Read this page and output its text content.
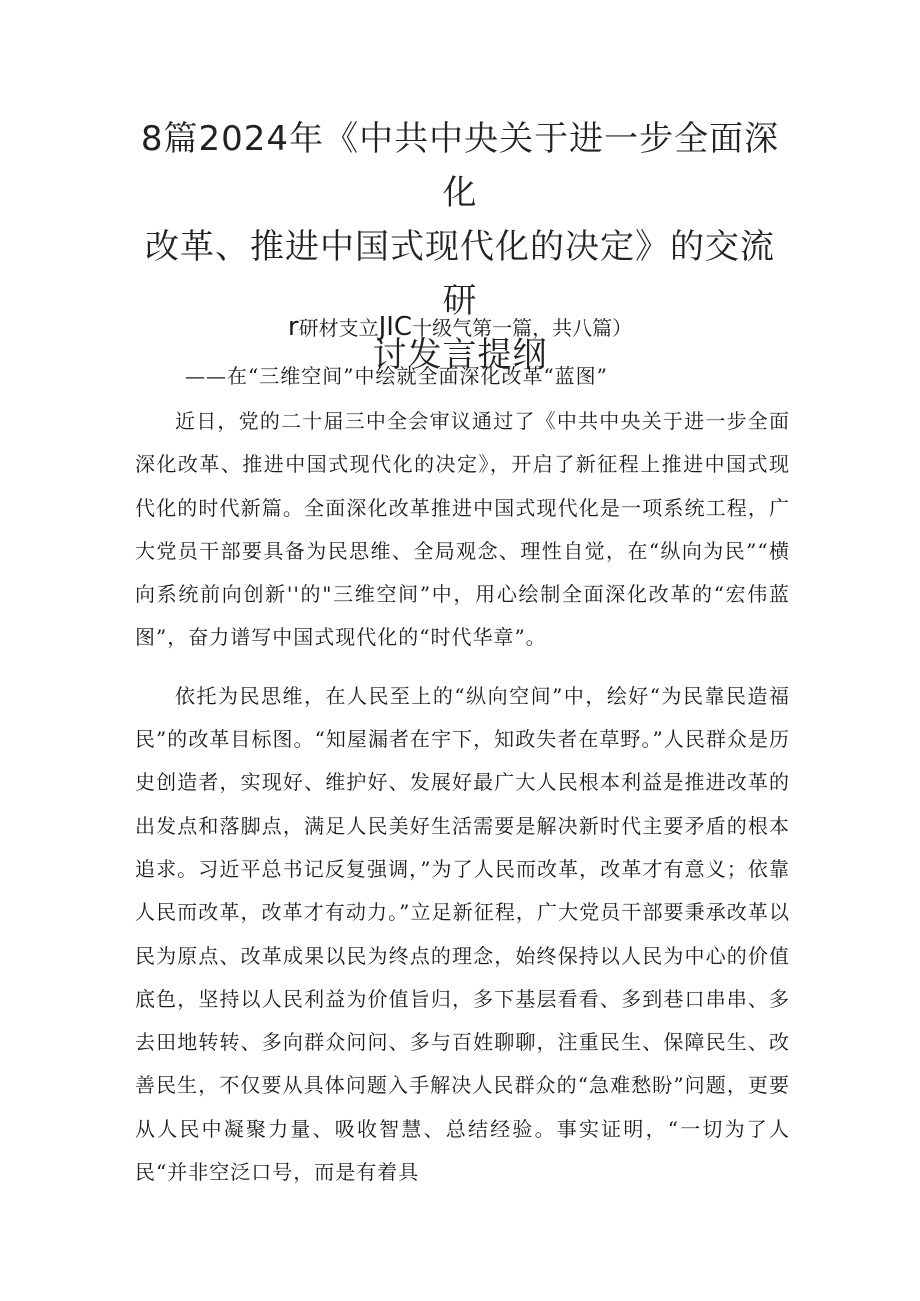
8篇2024年《中共中央关于进一步全面深化
改革、推进中国式现代化的决定》的交流研
讨发言提纲
r研材支立JIC十级气第一篇，共八篇）
——在“三维空间”中绘就全面深化改革“蓝图”

近日，党的二十届三中全会审议通过了《中共中央关于进一步全面深化改革、推进中国式现代化的决定》，开启了新征程上推进中国式现代化的时代新篇。全面深化改革推进中国式现代化是一项系统工程，广大党员干部要具备为民思维、全局观念、理性自觉，在“纵向为民”“横向系统前向创新''的"三维空间”中，用心绘制全面深化改革的“宏伟蓝图”，奋力谱写中国式现代化的“时代华章”。

依托为民思维，在人民至上的“纵向空间”中，绘好“为民靠民造福民”的改革目标图。“知屋漏者在宇下，知政失者在草野。”人民群众是历史创造者，实现好、维护好、发展好最广大人民根本利益是推进改革的出发点和落脚点，满足人民美好生活需要是解决新时代主要矛盾的根本追求。习近平总书记反复强调，”为了人民而改革，改革才有意义；依靠人民而改革，改革才有动力。”立足新征程，广大党员干部要秉承改革以民为原点、改革成果以民为终点的理念，始终保持以人民为中心的价值底色，坚持以人民利益为价值旨归，多下基层看看、多到巷口串串、多去田地转转、多向群众问问、多与百姓聊聊，注重民生、保障民生、改善民生，不仅要从具体问题入手解决人民群众的“急难愁盼”问题，更要从人民中凝聚力量、吸收智慧、总结经验。事实证明，“一切为了人民“并非空泛口号，而是有着具
